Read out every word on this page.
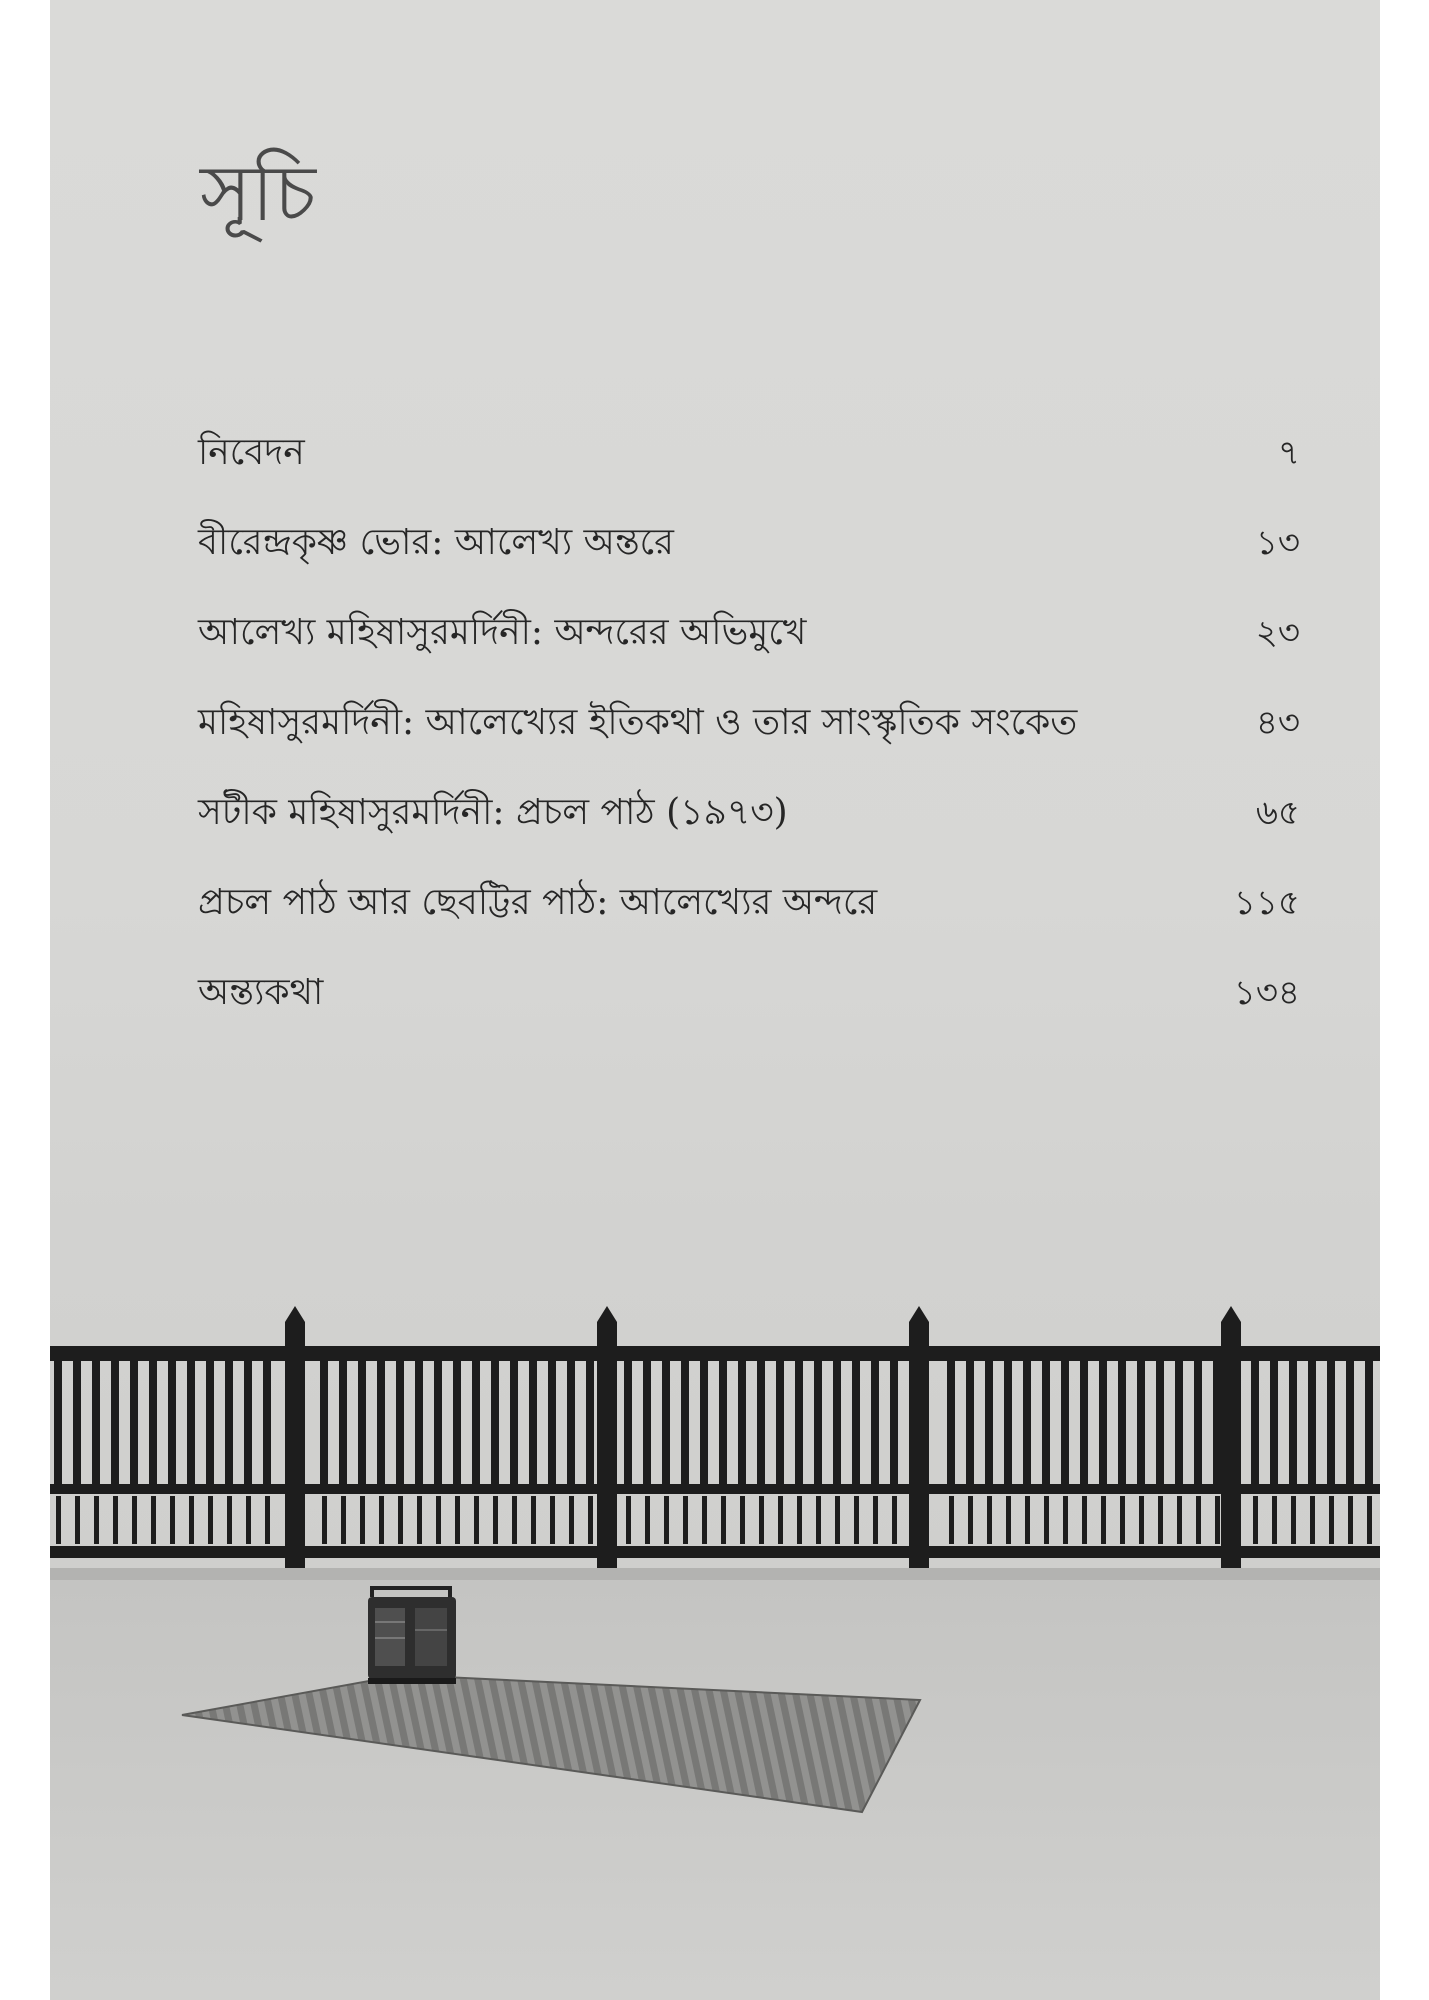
সূচি
নিবেদন	৭
বীরেন্দ্রকৃষ্ণ ভোর: আলেখ্য অন্তরে	১৩
আলেখ্য মহিষাসুরমর্দিনী: অন্দরের অভিমুখে	২৩
মহিষাসুরমর্দিনী: আলেখ্যের ইতিকথা ও তার সাংস্কৃতিক সংকেত	৪৩
সটীক মহিষাসুরমর্দিনী: প্রচল পাঠ (১৯৭৩)	৬৫
প্রচল পাঠ আর ছেবট্টির পাঠ: আলেখ্যের অন্দরে	১১৫
অন্ত্যকথা	১৩৪
